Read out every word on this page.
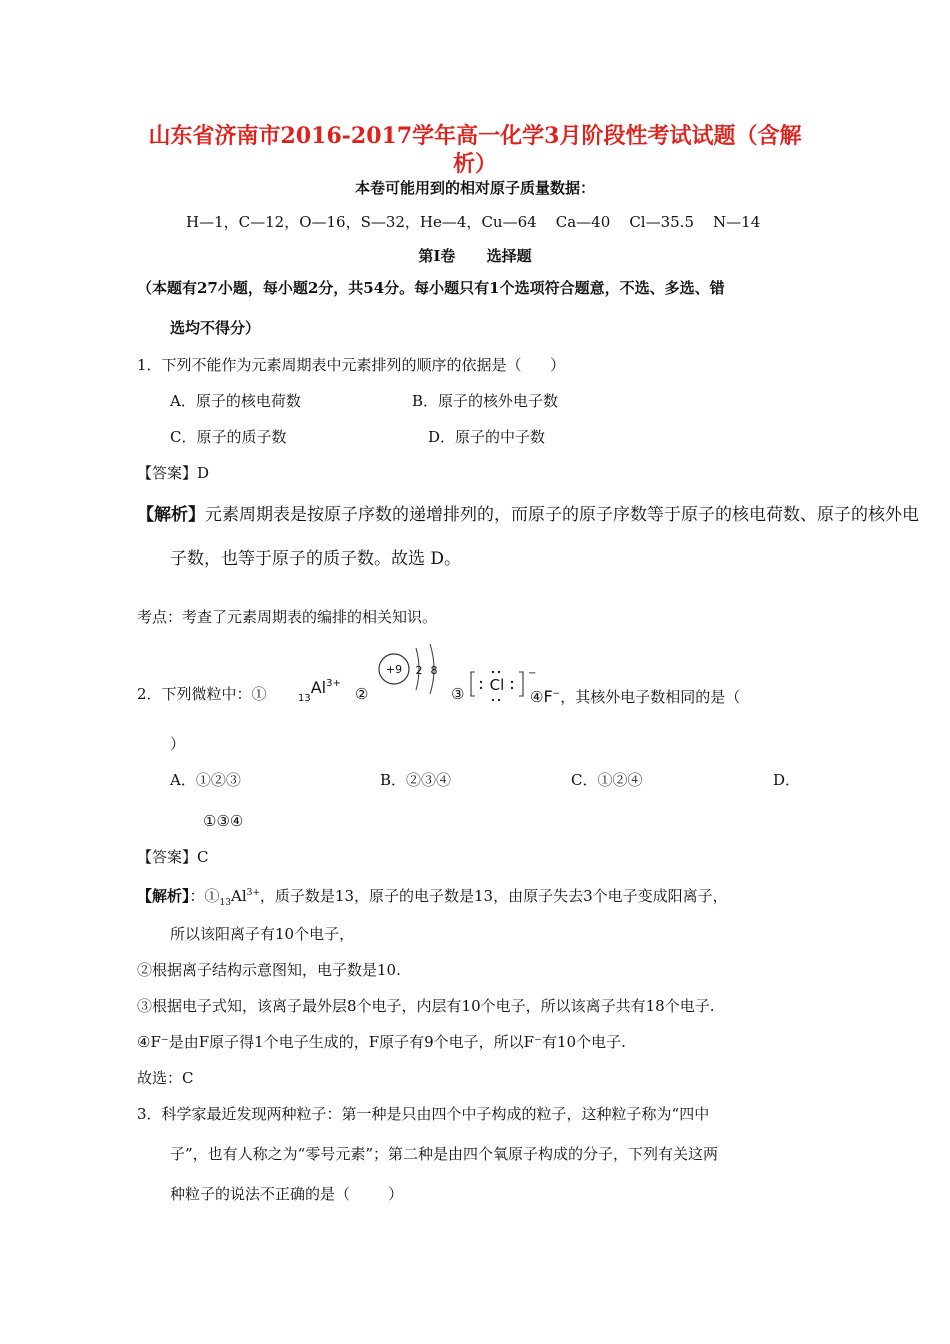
山东省济南市2016-2017学年高一化学3月阶段性考试试题（含解
析）
本卷可能用到的相对原子质量数据：
H—1，C—12，O—16，S—32，He—4，Cu—64    Ca—40    Cl—35.5    N—14
第Ⅰ卷      选择题
（本题有27小题，每小题2分，共54分。每小题只有1个选项符合题意，不选、多选、错
选均不得分）
1．下列不能作为元素周期表中元素排列的顺序的依据是（      ）
A．原子的核电荷数	B．原子的核外电子数
C．原子的质子数	D．原子的中子数
【答案】D
【解析】元素周期表是按原子序数的递增排列的，而原子的原子序数等于原子的核电荷数、原子的核外电
子数，也等于原子的质子数。故选 D。
考点：考查了元素周期表的编排的相关知识。
2．下列微粒中：①	$_{13}Al^{3+}$
②
+9 2 8
③ Cl
−
④F−，其核外电子数相同的是（
）
A．①②③	B．②③④	C．①②④	D．
①③④
【答案】C
【解析】：$①_{13}Al^{3+}$，质子数是13，原子的电子数是13，由原子失去3个电子变成阳离子，
所以该阳离子有10个电子，
②根据离子结构示意图知，电子数是10.
③根据电子式知，该离子最外层8个电子，内层有10个电子，所以该离子共有18个电子.
④F⁻是由F原子得1个电子生成的，F原子有9个电子，所以F⁻有10个电子.
故选：C
3．科学家最近发现两种粒子：第一种是只由四个中子构成的粒子，这种粒子称为“四中
子”，也有人称之为“零号元素”；第二种是由四个氧原子构成的分子，下列有关这两
种粒子的说法不正确的是（        ）
